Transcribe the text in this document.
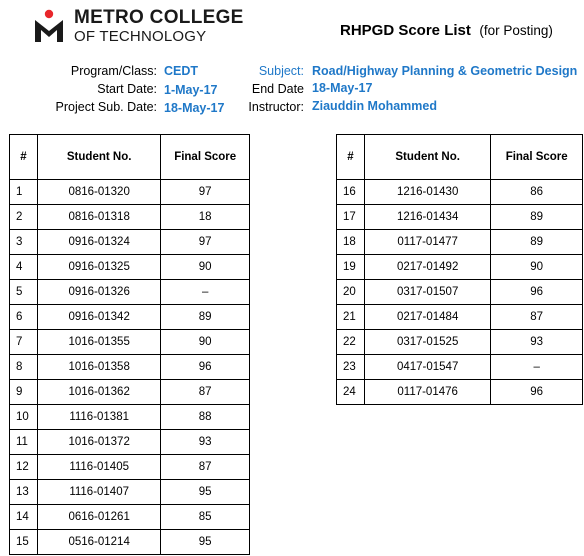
METRO COLLEGE
OF TECHNOLOGY	RHPGD Score List (for Posting)
Program/Class: CEDT
Start Date: 1-May-17
Project Sub. Date: 18-May-17
Subject: Road/Highway Planning & Geometric Design
End Date 18-May-17
Instructor: Ziauddin Mohammed
#	Student No.	Final Score
1	0816-01320	97
2	0816-01318	18
3	0916-01324	97
4	0916-01325	90
5	0916-01326	–
6	0916-01342	89
7	1016-01355	90
8	1016-01358	96
9	1016-01362	87
10	1116-01381	88
11	1016-01372	93
12	1116-01405	87
13	1116-01407	95
14	0616-01261	85
15	0516-01214	95
#	Student No.	Final Score
16	1216-01430	86
17	1216-01434	89
18	0117-01477	89
19	0217-01492	90
20	0317-01507	96
21	0217-01484	87
22	0317-01525	93
23	0417-01547	–
24	0117-01476	96
